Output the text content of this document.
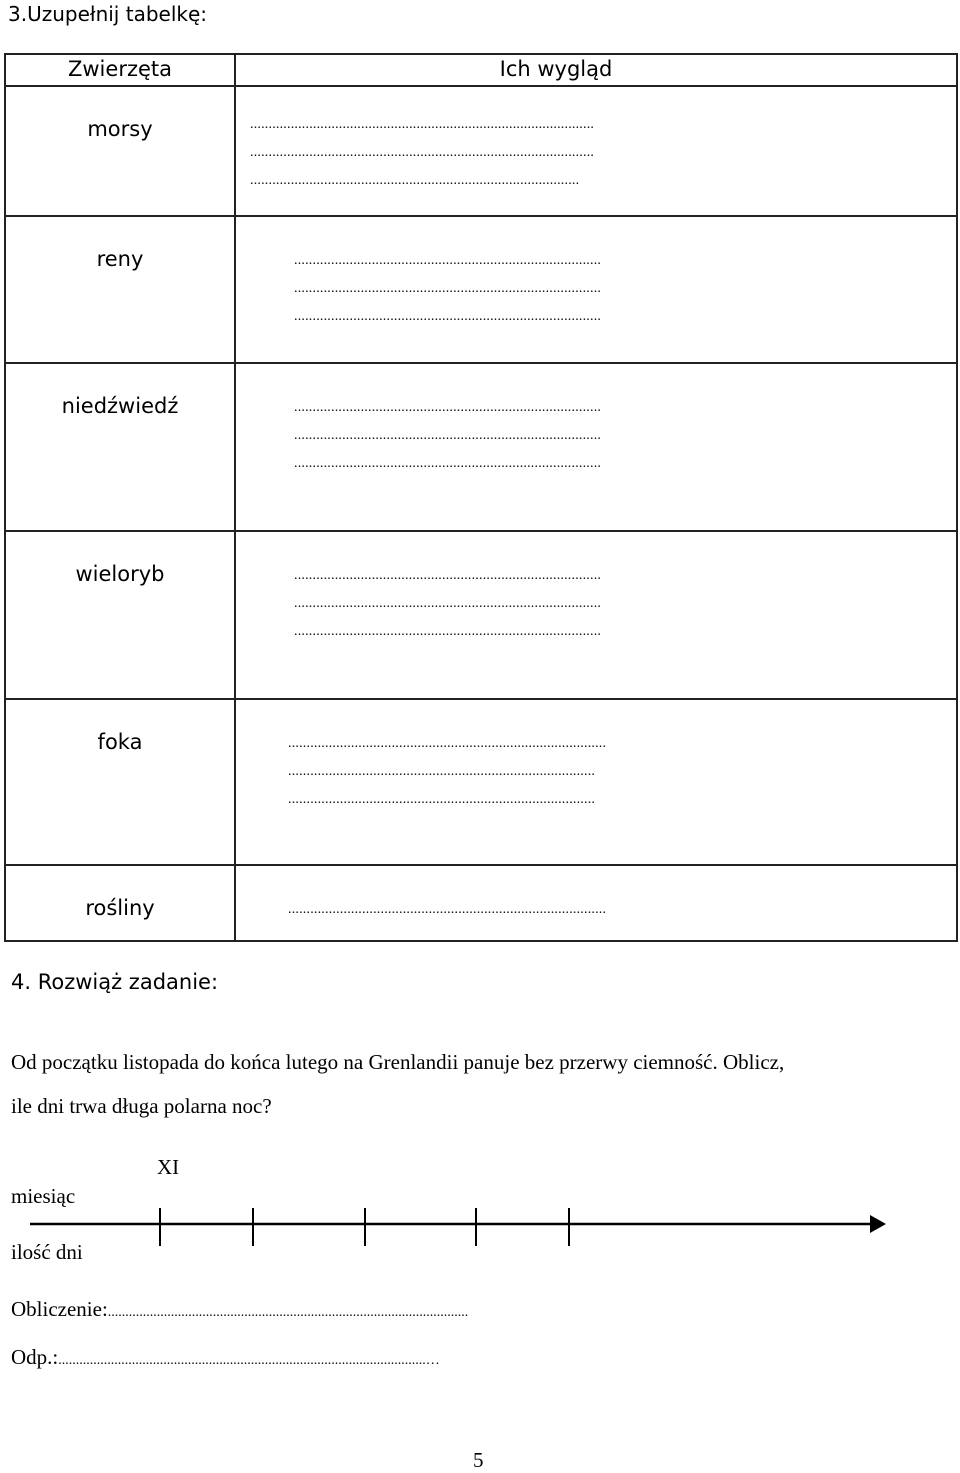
3.Uzupełnij tabelkę:
Zwierzęta	Ich wygląd

morsy	.............................................................................................
.............................................................................................
.........................................................................................

reny	...................................................................................
...................................................................................
...................................................................................

niedźwiedź	...................................................................................
...................................................................................
...................................................................................

wieloryb	...................................................................................
...................................................................................
...................................................................................

foka	......................................................................................
...................................................................................
...................................................................................

rośliny	......................................................................................
4. Rozwiąż zadanie:
Od początku listopada do końca lutego na Grenlandii panuje bez przerwy ciemność. Oblicz,
ile dni trwa długa polarna noc?
XI
miesiąc
ilość dni
Obliczenie:.......................................................................................................
Odp.:.........................................................................................................…
5
